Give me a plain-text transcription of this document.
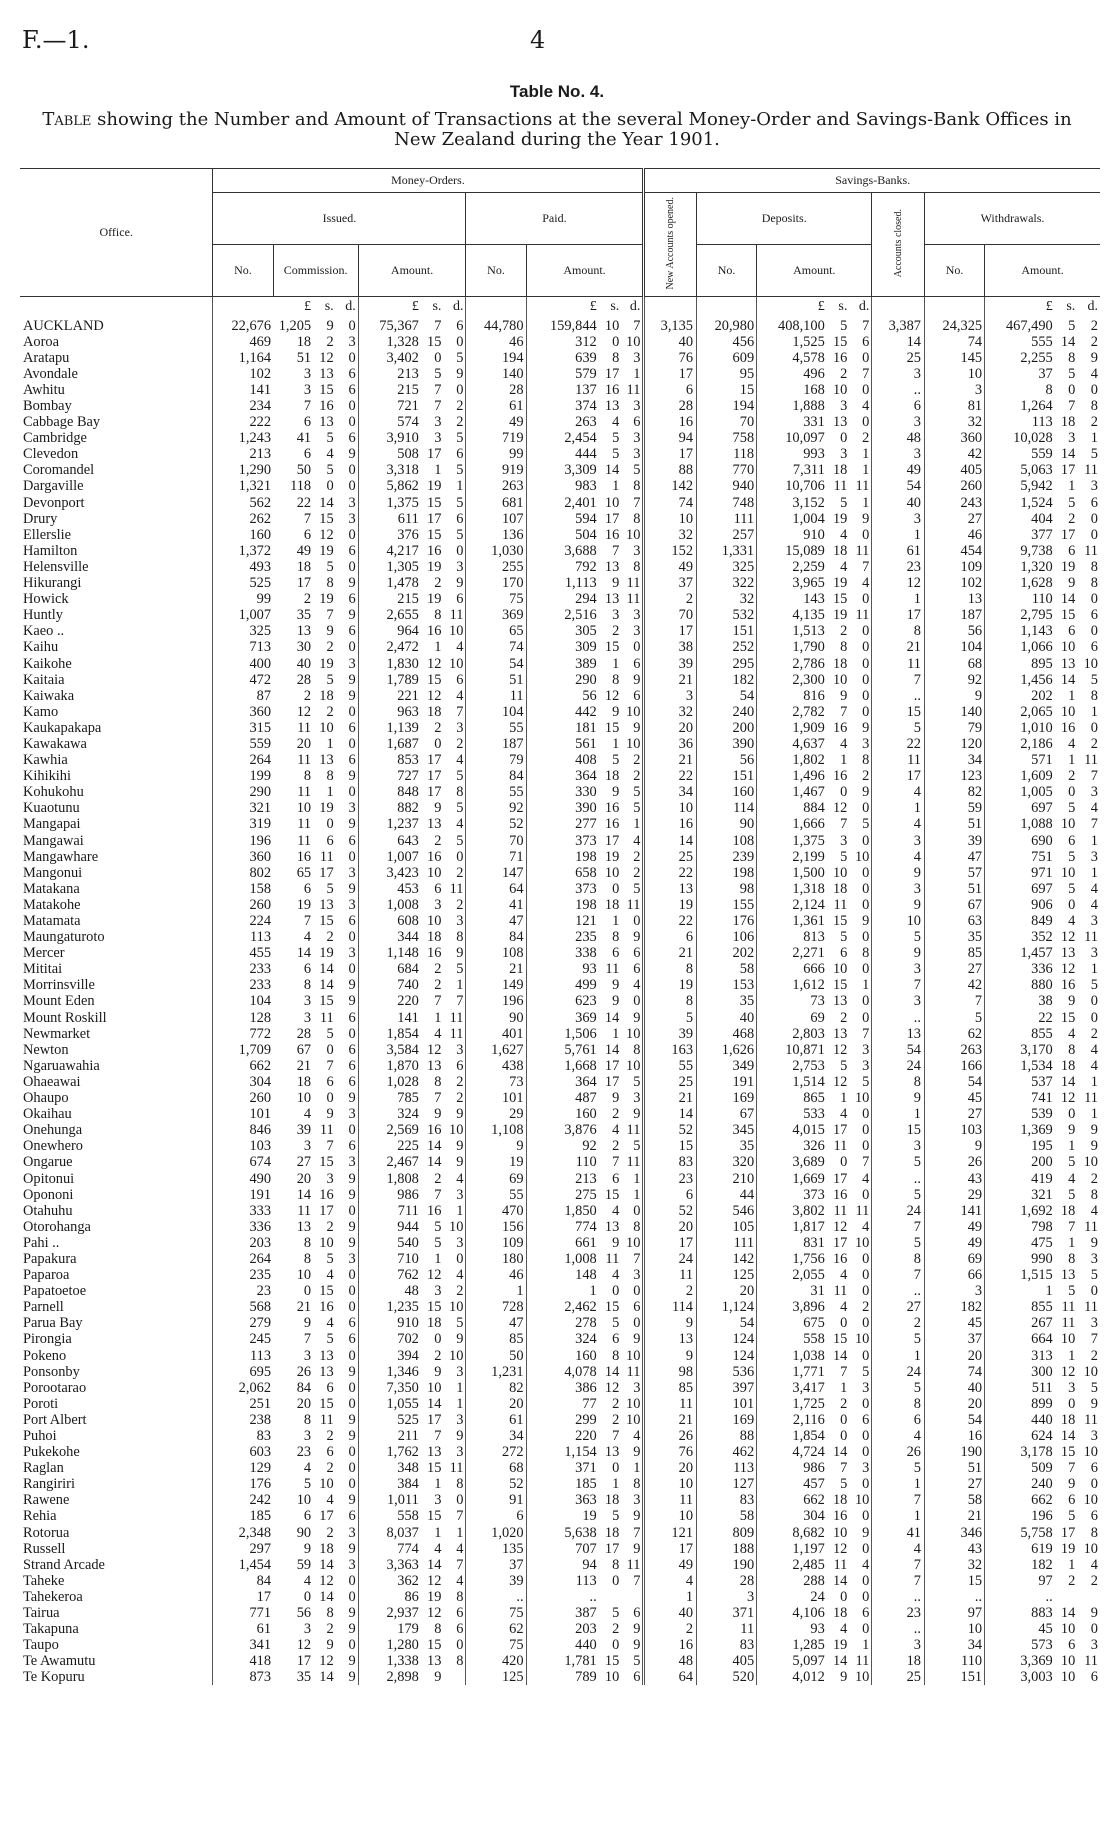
F.—1.	4
Table No. 4.
Table showing the Number and Amount of Transactions at the several Money-Order and Savings-Bank Offices in New Zealand during the Year 1901.
Office.	Money-Orders.											Savings-Banks.									
	Issued.							Paid.				New Accounts opened.	Deposits.				Accounts closed.	Withdrawals.			
	No.	Commission.			Amount.			No.	Amount.				No.	Amount.				No.	Amount.		
		£	s.	d.	£	s.	d.		£	s.	d.			£	s.	d.			£	s.	d.
AUCKLAND	22,676	1,205	9	0	75,367	7	6	44,780	159,844	10	7	3,135	20,980	408,100	5	7	3,387	24,325	467,490	5	2
Aoroa	469	18	2	3	1,328	15	0	46	312	0	10	40	456	1,525	15	6	14	74	555	14	2
Aratapu	1,164	51	12	0	3,402	0	5	194	639	8	3	76	609	4,578	16	0	25	145	2,255	8	9
Avondale	102	3	13	6	213	5	9	140	579	17	1	17	95	496	2	7	3	10	37	5	4
Awhitu	141	3	15	6	215	7	0	28	137	16	11	6	15	168	10	0	..	3	8	0	0
Bombay	234	7	16	0	721	7	2	61	374	13	3	28	194	1,888	3	4	6	81	1,264	7	8
Cabbage Bay	222	6	13	0	574	3	2	49	263	4	6	16	70	331	13	0	3	32	113	18	2
Cambridge	1,243	41	5	6	3,910	3	5	719	2,454	5	3	94	758	10,097	0	2	48	360	10,028	3	1
Clevedon	213	6	4	9	508	17	6	99	444	5	3	17	118	993	3	1	3	42	559	14	5
Coromandel	1,290	50	5	0	3,318	1	5	919	3,309	14	5	88	770	7,311	18	1	49	405	5,063	17	11
Dargaville	1,321	118	0	0	5,862	19	1	263	983	1	8	142	940	10,706	11	11	54	260	5,942	1	3
Devonport	562	22	14	3	1,375	15	5	681	2,401	10	7	74	748	3,152	5	1	40	243	1,524	5	6
Drury	262	7	15	3	611	17	6	107	594	17	8	10	111	1,004	19	9	3	27	404	2	0
Ellerslie	160	6	12	0	376	15	5	136	504	16	10	32	257	910	4	0	1	46	377	17	0
Hamilton	1,372	49	19	6	4,217	16	0	1,030	3,688	7	3	152	1,331	15,089	18	11	61	454	9,738	6	11
Helensville	493	18	5	0	1,305	19	3	255	792	13	8	49	325	2,259	4	7	23	109	1,320	19	8
Hikurangi	525	17	8	9	1,478	2	9	170	1,113	9	11	37	322	3,965	19	4	12	102	1,628	9	8
Howick	99	2	19	6	215	19	6	75	294	13	11	2	32	143	15	0	1	13	110	14	0
Huntly	1,007	35	7	9	2,655	8	11	369	2,516	3	3	70	532	4,135	19	11	17	187	2,795	15	6
Kaeo ..	325	13	9	6	964	16	10	65	305	2	3	17	151	1,513	2	0	8	56	1,143	6	0
Kaihu	713	30	2	0	2,472	1	4	74	309	15	0	38	252	1,790	8	0	21	104	1,066	10	6
Kaikohe	400	40	19	3	1,830	12	10	54	389	1	6	39	295	2,786	18	0	11	68	895	13	10
Kaitaia	472	28	5	9	1,789	15	6	51	290	8	9	21	182	2,300	10	0	7	92	1,456	14	5
Kaiwaka	87	2	18	9	221	12	4	11	56	12	6	3	54	816	9	0	..	9	202	1	8
Kamo	360	12	2	0	963	18	7	104	442	9	10	32	240	2,782	7	0	15	140	2,065	10	1
Kaukapakapa	315	11	10	6	1,139	2	3	55	181	15	9	20	200	1,909	16	9	5	79	1,010	16	0
Kawakawa	559	20	1	0	1,687	0	2	187	561	1	10	36	390	4,637	4	3	22	120	2,186	4	2
Kawhia	264	11	13	6	853	17	4	79	408	5	2	21	56	1,802	1	8	11	34	571	1	11
Kihikihi	199	8	8	9	727	17	5	84	364	18	2	22	151	1,496	16	2	17	123	1,609	2	7
Kohukohu	290	11	1	0	848	17	8	55	330	9	5	34	160	1,467	0	9	4	82	1,005	0	3
Kuaotunu	321	10	19	3	882	9	5	92	390	16	5	10	114	884	12	0	1	59	697	5	4
Mangapai	319	11	0	9	1,237	13	4	52	277	16	1	16	90	1,666	7	5	4	51	1,088	10	7
Mangawai	196	11	6	6	643	2	5	70	373	17	4	14	108	1,375	3	0	3	39	690	6	1
Mangawhare	360	16	11	0	1,007	16	0	71	198	19	2	25	239	2,199	5	10	4	47	751	5	3
Mangonui	802	65	17	3	3,423	10	2	147	658	10	2	22	198	1,500	10	0	9	57	971	10	1
Matakana	158	6	5	9	453	6	11	64	373	0	5	13	98	1,318	18	0	3	51	697	5	4
Matakohe	260	19	13	3	1,008	3	2	41	198	18	11	19	155	2,124	11	0	9	67	906	0	4
Matamata	224	7	15	6	608	10	3	47	121	1	0	22	176	1,361	15	9	10	63	849	4	3
Maungaturoto	113	4	2	0	344	18	8	84	235	8	9	6	106	813	5	0	5	35	352	12	11
Mercer	455	14	19	3	1,148	16	9	108	338	6	6	21	202	2,271	6	8	9	85	1,457	13	3
Mititai	233	6	14	0	684	2	5	21	93	11	6	8	58	666	10	0	3	27	336	12	1
Morrinsville	233	8	14	9	740	2	1	149	499	9	4	19	153	1,612	15	1	7	42	880	16	5
Mount Eden	104	3	15	9	220	7	7	196	623	9	0	8	35	73	13	0	3	7	38	9	0
Mount Roskill	128	3	11	6	141	1	11	90	369	14	9	5	40	69	2	0	..	5	22	15	0
Newmarket	772	28	5	0	1,854	4	11	401	1,506	1	10	39	468	2,803	13	7	13	62	855	4	2
Newton	1,709	67	0	6	3,584	12	3	1,627	5,761	14	8	163	1,626	10,871	12	3	54	263	3,170	8	4
Ngaruawahia	662	21	7	6	1,870	13	6	438	1,668	17	10	55	349	2,753	5	3	24	166	1,534	18	4
Ohaeawai	304	18	6	6	1,028	8	2	73	364	17	5	25	191	1,514	12	5	8	54	537	14	1
Ohaupo	260	10	0	9	785	7	2	101	487	9	3	21	169	865	1	10	9	45	741	12	11
Okaihau	101	4	9	3	324	9	9	29	160	2	9	14	67	533	4	0	1	27	539	0	1
Onehunga	846	39	11	0	2,569	16	10	1,108	3,876	4	11	52	345	4,015	17	0	15	103	1,369	9	9
Onewhero	103	3	7	6	225	14	9	9	92	2	5	15	35	326	11	0	3	9	195	1	9
Ongarue	674	27	15	3	2,467	14	9	19	110	7	11	83	320	3,689	0	7	5	26	200	5	10
Opitonui	490	20	3	9	1,808	2	4	69	213	6	1	23	210	1,669	17	4	..	43	419	4	2
Opononi	191	14	16	9	986	7	3	55	275	15	1	6	44	373	16	0	5	29	321	5	8
Otahuhu	333	11	17	0	711	16	1	470	1,850	4	0	52	546	3,802	11	11	24	141	1,692	18	4
Otorohanga	336	13	2	9	944	5	10	156	774	13	8	20	105	1,817	12	4	7	49	798	7	11
Pahi ..	203	8	10	9	540	5	3	109	661	9	10	17	111	831	17	10	5	49	475	1	9
Papakura	264	8	5	3	710	1	0	180	1,008	11	7	24	142	1,756	16	0	8	69	990	8	3
Paparoa	235	10	4	0	762	12	4	46	148	4	3	11	125	2,055	4	0	7	66	1,515	13	5
Papatoetoe	23	0	15	0	48	3	2	1	1	0	0	2	20	31	11	0	..	3	1	5	0
Parnell	568	21	16	0	1,235	15	10	728	2,462	15	6	114	1,124	3,896	4	2	27	182	855	11	11
Parua Bay	279	9	4	6	910	18	5	47	278	5	0	9	54	675	0	0	2	45	267	11	3
Pirongia	245	7	5	6	702	0	9	85	324	6	9	13	124	558	15	10	5	37	664	10	7
Pokeno	113	3	13	0	394	2	10	50	160	8	10	9	124	1,038	14	0	1	20	313	1	2
Ponsonby	695	26	13	9	1,346	9	3	1,231	4,078	14	11	98	536	1,771	7	5	24	74	300	12	10
Porootarao	2,062	84	6	0	7,350	10	1	82	386	12	3	85	397	3,417	1	3	5	40	511	3	5
Poroti	251	20	15	0	1,055	14	1	20	77	2	10	11	101	1,725	2	0	8	20	899	0	9
Port Albert	238	8	11	9	525	17	3	61	299	2	10	21	169	2,116	0	6	6	54	440	18	11
Puhoi	83	3	2	9	211	7	9	34	220	7	4	26	88	1,854	0	0	4	16	624	14	3
Pukekohe	603	23	6	0	1,762	13	3	272	1,154	13	9	76	462	4,724	14	0	26	190	3,178	15	10
Raglan	129	4	2	0	348	15	11	68	371	0	1	20	113	986	7	3	5	51	509	7	6
Rangiriri	176	5	10	0	384	1	8	52	185	1	8	10	127	457	5	0	1	27	240	9	0
Rawene	242	10	4	9	1,011	3	0	91	363	18	3	11	83	662	18	10	7	58	662	6	10
Rehia	185	6	17	6	558	15	7	6	19	5	9	10	58	304	16	0	1	21	196	5	6
Rotorua	2,348	90	2	3	8,037	1	1	1,020	5,638	18	7	121	809	8,682	10	9	41	346	5,758	17	8
Russell	297	9	18	9	774	4	4	135	707	17	9	17	188	1,197	12	0	4	43	619	19	10
Strand Arcade	1,454	59	14	3	3,363	14	7	37	94	8	11	49	190	2,485	11	4	7	32	182	1	4
Taheke	84	4	12	0	362	12	4	39	113	0	7	4	28	288	14	0	7	15	97	2	2
Tahekeroa	17	0	14	0	86	19	8	..	..			1	3	24	0	0	..	..	..		
Tairua	771	56	8	9	2,937	12	6	75	387	5	6	40	371	4,106	18	6	23	97	883	14	9
Takapuna	61	3	2	9	179	8	6	62	203	2	9	2	11	93	4	0	..	10	45	10	0
Taupo	341	12	9	0	1,280	15	0	75	440	0	9	16	83	1,285	19	1	3	34	573	6	3
Te Awamutu	418	17	12	9	1,338	13	8	420	1,781	15	5	48	405	5,097	14	11	18	110	3,369	10	11
Te Kopuru	873	35	14	9	2,898	9		125	789	10	6	64	520	4,012	9	10	25	151	3,003	10	6
